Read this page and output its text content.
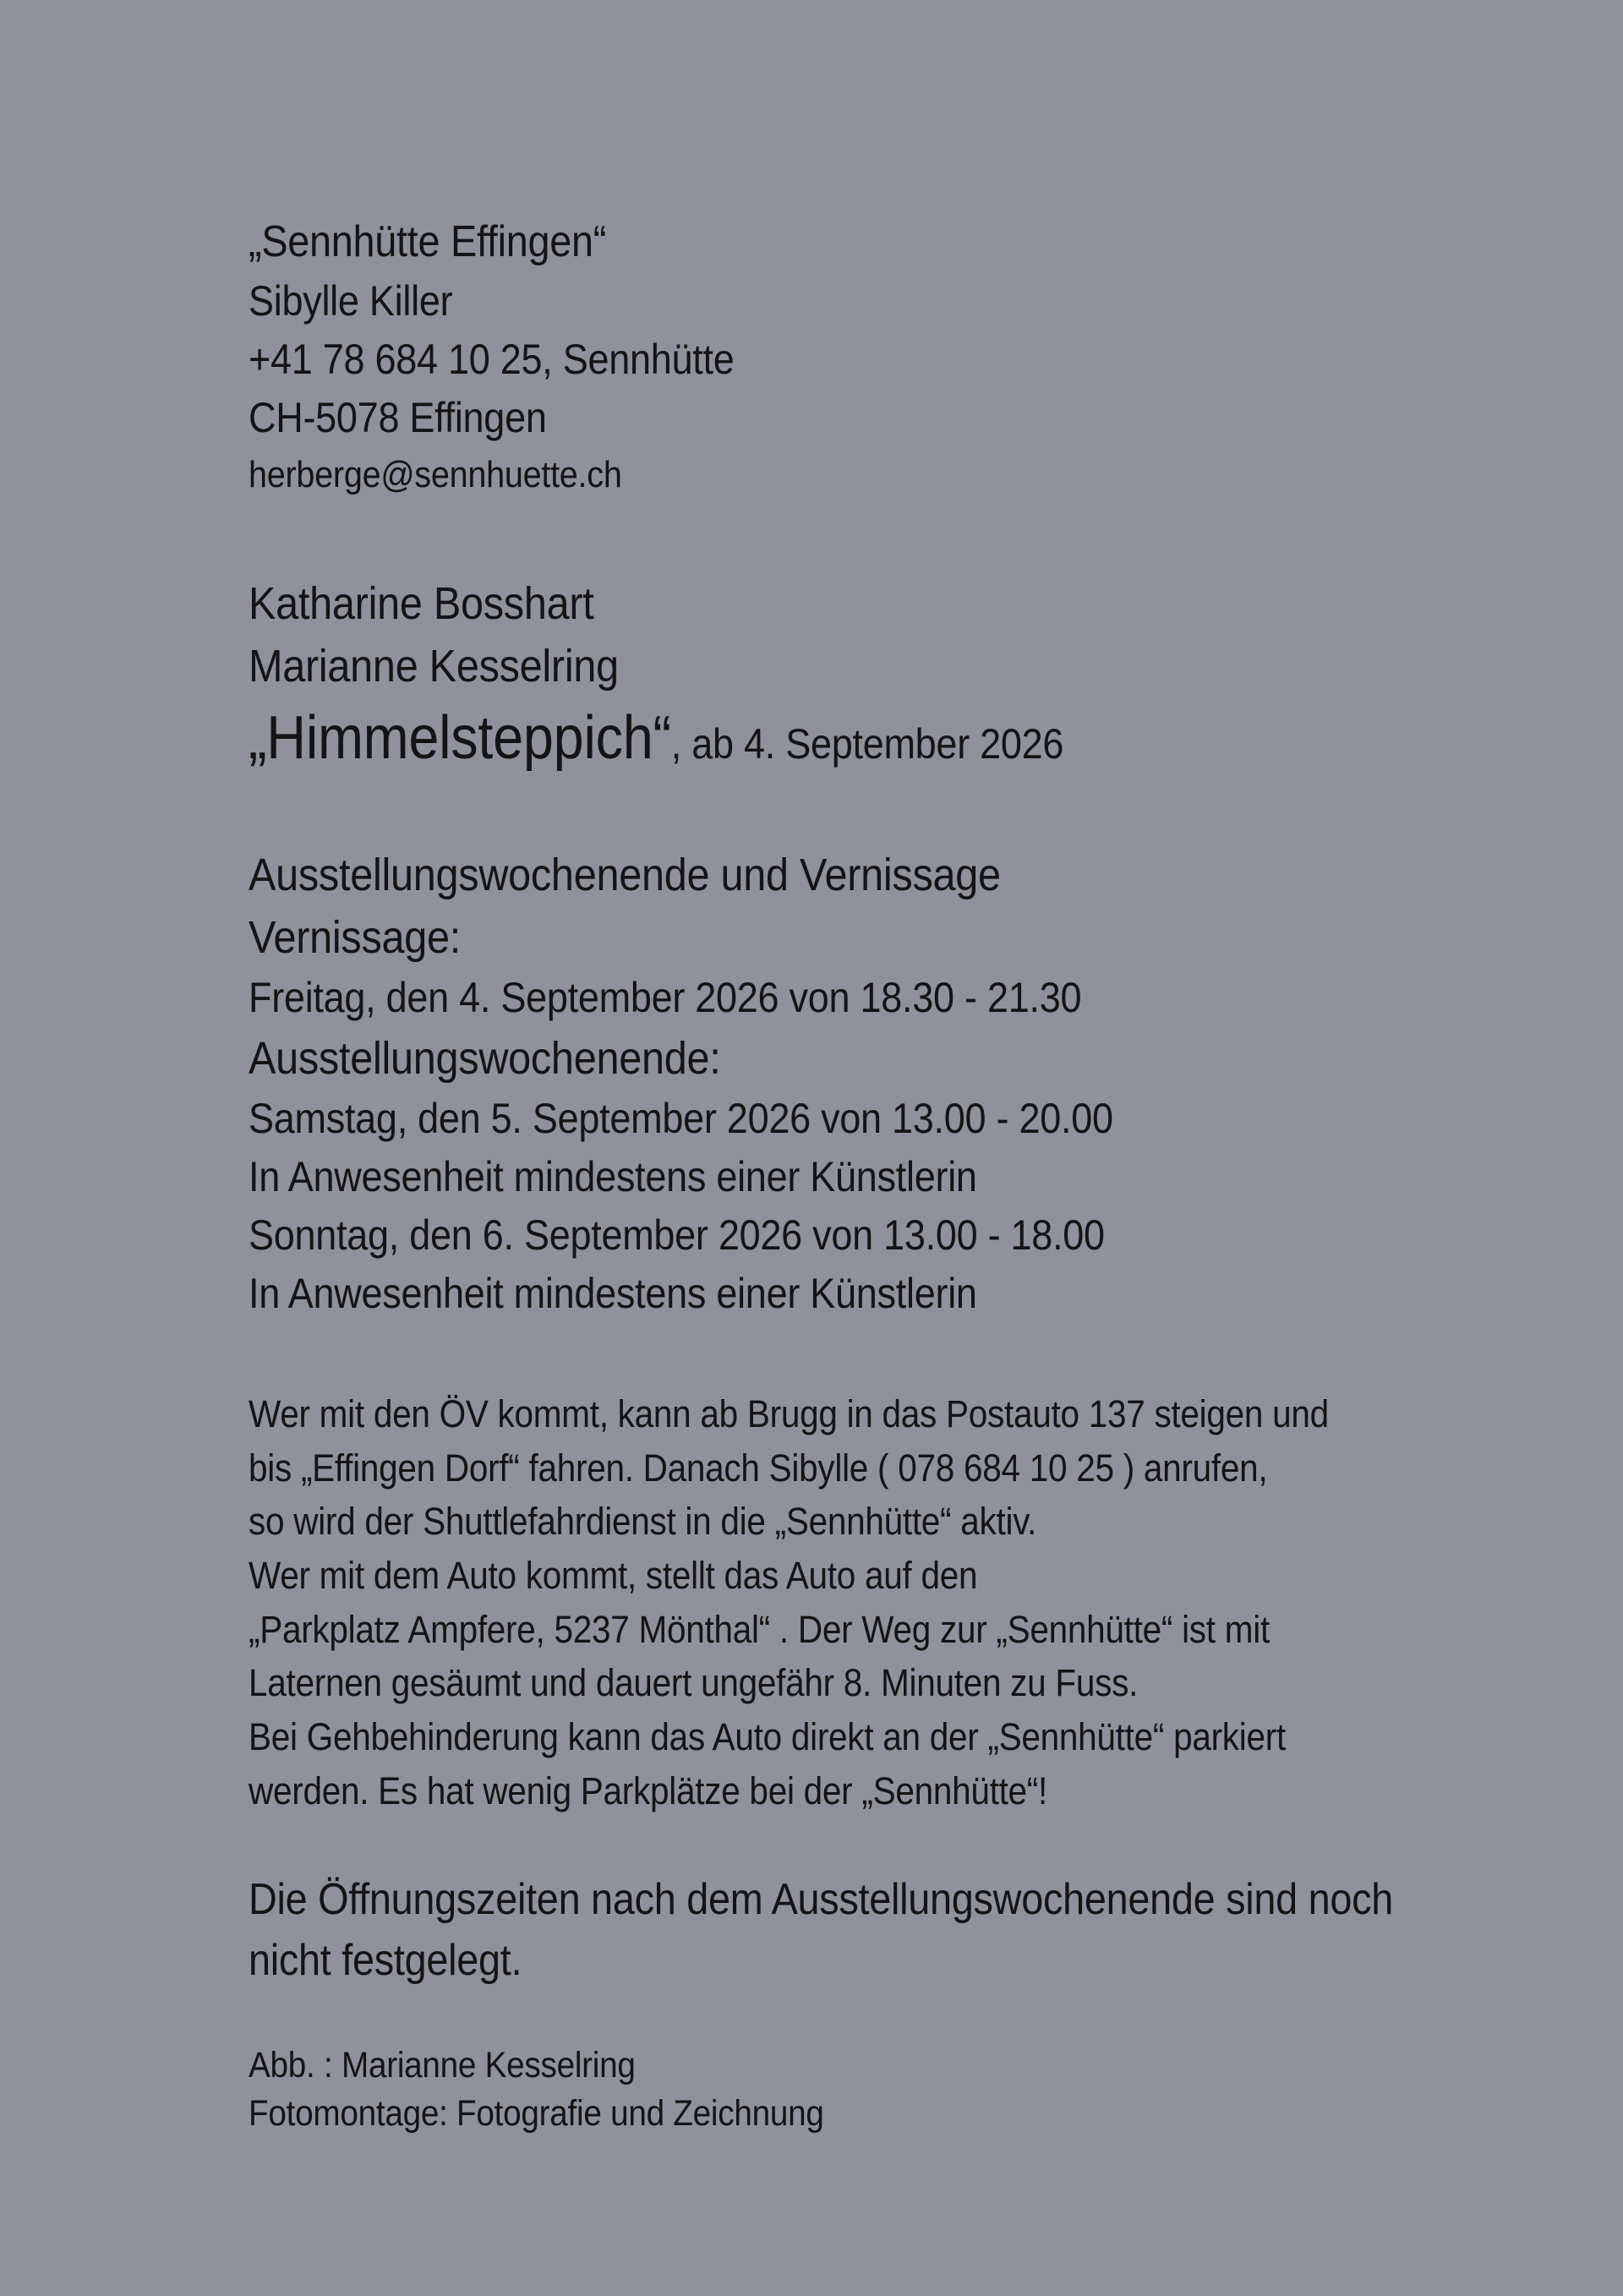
„Sennhütte Effingen“
Sibylle Killer
+41 78 684 10 25, Sennhütte
CH-5078 Effingen
herberge@sennhuette.ch
Katharine Bosshart
Marianne Kesselring
„Himmelsteppich“, ab 4. September 2026
Ausstellungswochenende und Vernissage
Vernissage:
Freitag, den 4. September 2026 von 18.30 - 21.30
Ausstellungswochenende:
Samstag, den 5. September 2026 von 13.00 - 20.00
In Anwesenheit mindestens einer Künstlerin
Sonntag, den 6. September 2026 von 13.00 - 18.00
In Anwesenheit mindestens einer Künstlerin
Wer mit den ÖV kommt, kann ab Brugg in das Postauto 137 steigen und
bis „Effingen Dorf“ fahren. Danach Sibylle ( 078 684 10 25 ) anrufen,
so wird der Shuttlefahrdienst in die „Sennhütte“ aktiv.
Wer mit dem Auto kommt, stellt das Auto auf den
„Parkplatz Ampfere, 5237 Mönthal“ . Der Weg zur „Sennhütte“ ist mit
Laternen gesäumt und dauert ungefähr 8. Minuten zu Fuss.
Bei Gehbehinderung kann das Auto direkt an der „Sennhütte“ parkiert
werden. Es hat wenig Parkplätze bei der „Sennhütte“!
Die Öffnungszeiten nach dem Ausstellungswochenende sind noch
nicht festgelegt.
Abb. : Marianne Kesselring
Fotomontage: Fotografie und Zeichnung
